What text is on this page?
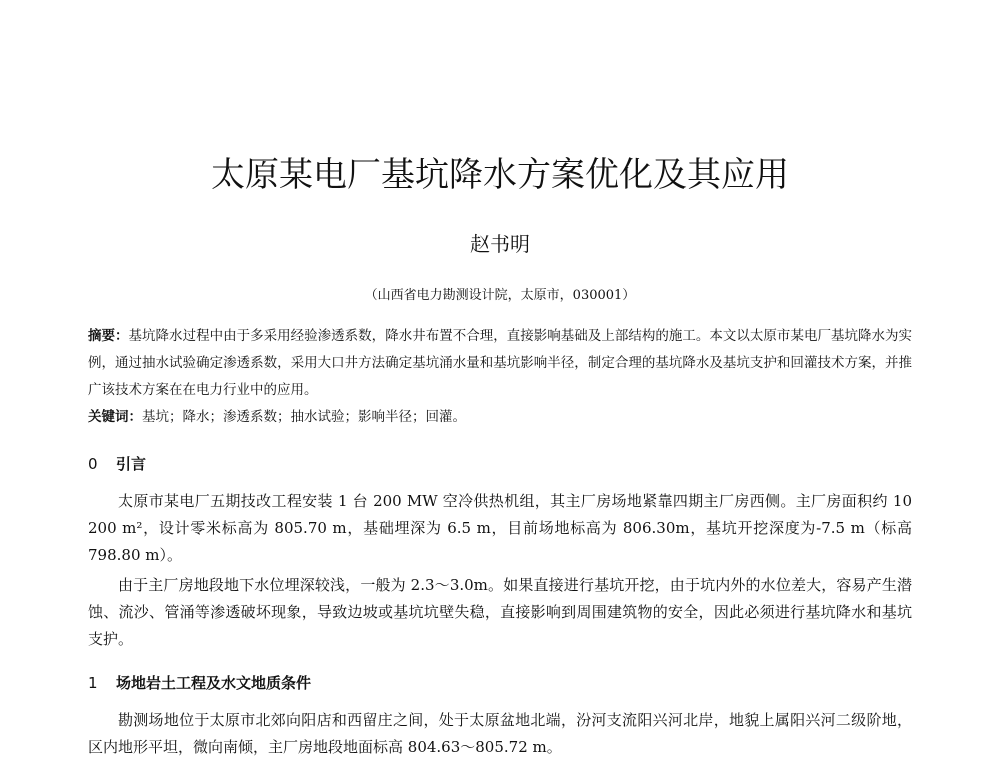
太原某电厂基坑降水方案优化及其应用
赵书明
（山西省电力勘测设计院，太原市，030001）

摘要：基坑降水过程中由于多采用经验渗透系数，降水井布置不合理，直接影响基础及上部结构的施工。本文以太原市某电厂基坑降水为实例，通过抽水试验确定渗透系数，采用大口井方法确定基坑涌水量和基坑影响半径，制定合理的基坑降水及基坑支护和回灌技术方案，并推广该技术方案在在电力行业中的应用。

关键词：基坑；降水；渗透系数；抽水试验；影响半径；回灌。

0 引言

太原市某电厂五期技改工程安装 1 台 200 MW 空冷供热机组，其主厂房场地紧靠四期主厂房西侧。主厂房面积约 10 200 m²，设计零米标高为 805.70 m，基础埋深为 6.5 m，目前场地标高为 806.30m，基坑开挖深度为-7.5 m（标高 798.80 m）。

由于主厂房地段地下水位埋深较浅，一般为 2.3～3.0m。如果直接进行基坑开挖，由于坑内外的水位差大，容易产生潜蚀、流沙、管涌等渗透破坏现象，导致边坡或基坑坑壁失稳，直接影响到周围建筑物的安全，因此必须进行基坑降水和基坑支护。

1 场地岩土工程及水文地质条件

勘测场地位于太原市北郊向阳店和西留庄之间，处于太原盆地北端，汾河支流阳兴河北岸，地貌上属阳兴河二级阶地，区内地形平坦，微向南倾，主厂房地段地面标高 804.63～805.72 m。
